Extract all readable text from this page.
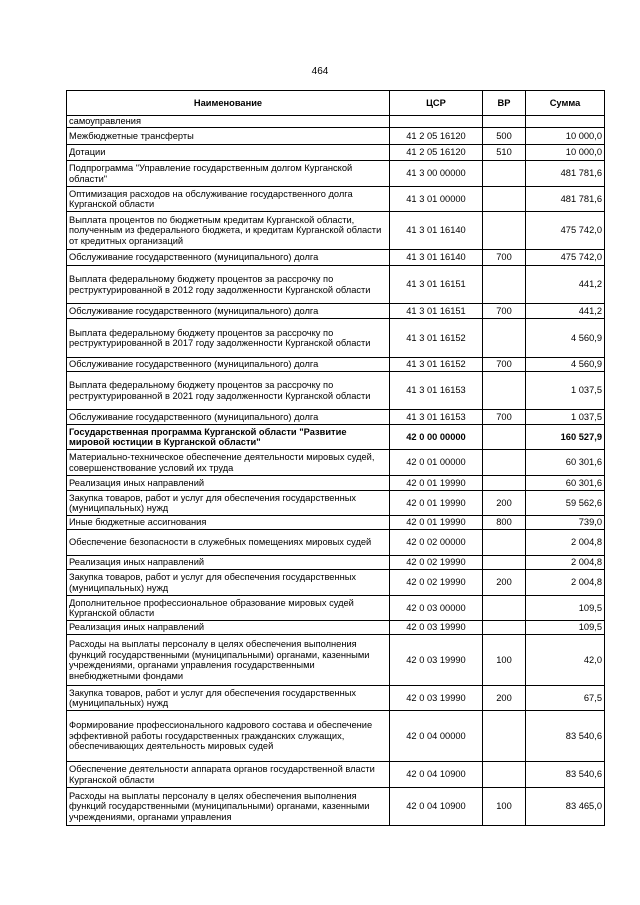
464
Наименование	ЦСР	ВР	Сумма
самоуправления			
Межбюджетные трансферты	41 2 05 16120	500	10 000,0
Дотации	41 2 05 16120	510	10 000,0
Подпрограмма "Управление государственным долгом Курганской области"	41 3 00 00000		481 781,6
Оптимизация расходов на обслуживание государственного долга Курганской области	41 3 01 00000		481 781,6
Выплата процентов по бюджетным кредитам Курганской области, полученным из федерального бюджета, и кредитам Курганской области от кредитных организаций	41 3 01 16140		475 742,0
Обслуживание государственного (муниципального) долга	41 3 01 16140	700	475 742,0
Выплата федеральному бюджету процентов за рассрочку по реструктурированной в 2012 году задолженности Курганской области	41 3 01 16151		441,2
Обслуживание государственного (муниципального) долга	41 3 01 16151	700	441,2
Выплата федеральному бюджету процентов за рассрочку по реструктурированной в 2017 году задолженности Курганской области	41 3 01 16152		4 560,9
Обслуживание государственного (муниципального) долга	41 3 01 16152	700	4 560,9
Выплата федеральному бюджету процентов за рассрочку по реструктурированной в 2021 году задолженности Курганской области	41 3 01 16153		1 037,5
Обслуживание государственного (муниципального) долга	41 3 01 16153	700	1 037,5
Государственная программа Курганской области "Развитие мировой юстиции в Курганской области"	42 0 00 00000		160 527,9
Материально-техническое обеспечение деятельности мировых судей, совершенствование условий их труда	42 0 01 00000		60 301,6
Реализация иных направлений	42 0 01 19990		60 301,6
Закупка товаров, работ и услуг для обеспечения государственных (муниципальных) нужд	42 0 01 19990	200	59 562,6
Иные бюджетные ассигнования	42 0 01 19990	800	739,0
Обеспечение безопасности в служебных помещениях мировых судей	42 0 02 00000		2 004,8
Реализация иных направлений	42 0 02 19990		2 004,8
Закупка товаров, работ и услуг для обеспечения государственных (муниципальных) нужд	42 0 02 19990	200	2 004,8
Дополнительное профессиональное образование мировых судей Курганской области	42 0 03 00000		109,5
Реализация иных направлений	42 0 03 19990		109,5
Расходы на выплаты персоналу в целях обеспечения выполнения функций государственными (муниципальными) органами, казенными учреждениями, органами управления государственными внебюджетными фондами	42 0 03 19990	100	42,0
Закупка товаров, работ и услуг для обеспечения государственных (муниципальных) нужд	42 0 03 19990	200	67,5
Формирование профессионального кадрового состава и обеспечение эффективной работы государственных гражданских служащих, обеспечивающих деятельность мировых судей	42 0 04 00000		83 540,6
Обеспечение деятельности аппарата органов государственной власти Курганской области	42 0 04 10900		83 540,6
Расходы на выплаты персоналу в целях обеспечения выполнения функций государственными (муниципальными) органами, казенными учреждениями, органами управления	42 0 04 10900	100	83 465,0
